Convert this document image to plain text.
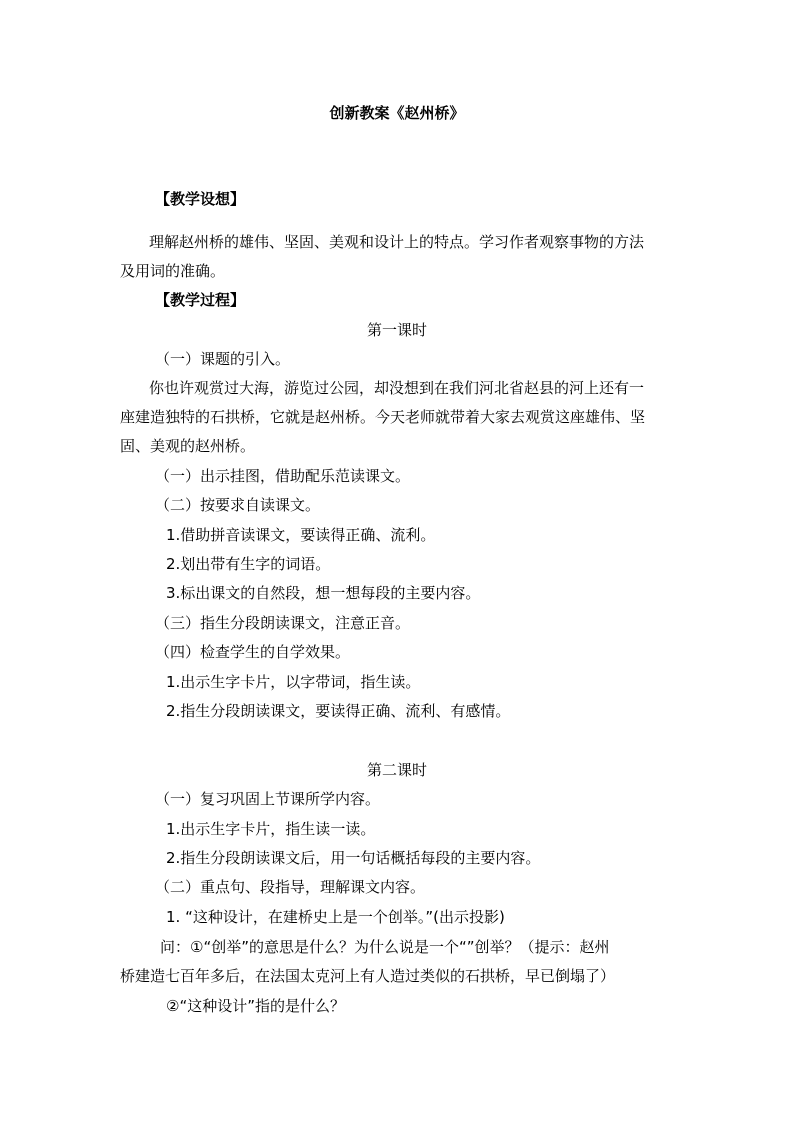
创新教案《赵州桥》
【教学设想】
理解赵州桥的雄伟、坚固、美观和设计上的特点。学习作者观察事物的方法
及用词的准确。
【教学过程】
第一课时
（一）课题的引入。
你也许观赏过大海，游览过公园，却没想到在我们河北省赵县的河上还有一
座建造独特的石拱桥，它就是赵州桥。今天老师就带着大家去观赏这座雄伟、坚
固、美观的赵州桥。
（一）出示挂图，借助配乐范读课文。
（二）按要求自读课文。
1.借助拼音读课文，要读得正确、流利。
2.划出带有生字的词语。
3.标出课文的自然段，想一想每段的主要内容。
（三）指生分段朗读课文，注意正音。
（四）检查学生的自学效果。
1.出示生字卡片，以字带词，指生读。
2.指生分段朗读课文，要读得正确、流利、有感情。
第二课时
（一）复习巩固上节课所学内容。
1.出示生字卡片，指生读一读。
2.指生分段朗读课文后，用一句话概括每段的主要内容。
（二）重点句、段指导，理解课文内容。
1. “这种设计，在建桥史上是一个创举。”(出示投影)
问：①“创举”的意思是什么？为什么说是一个“”创举？（提示：赵州
桥建造七百年多后，在法国太克河上有人造过类似的石拱桥，早已倒塌了）
②“这种设计”指的是什么？
